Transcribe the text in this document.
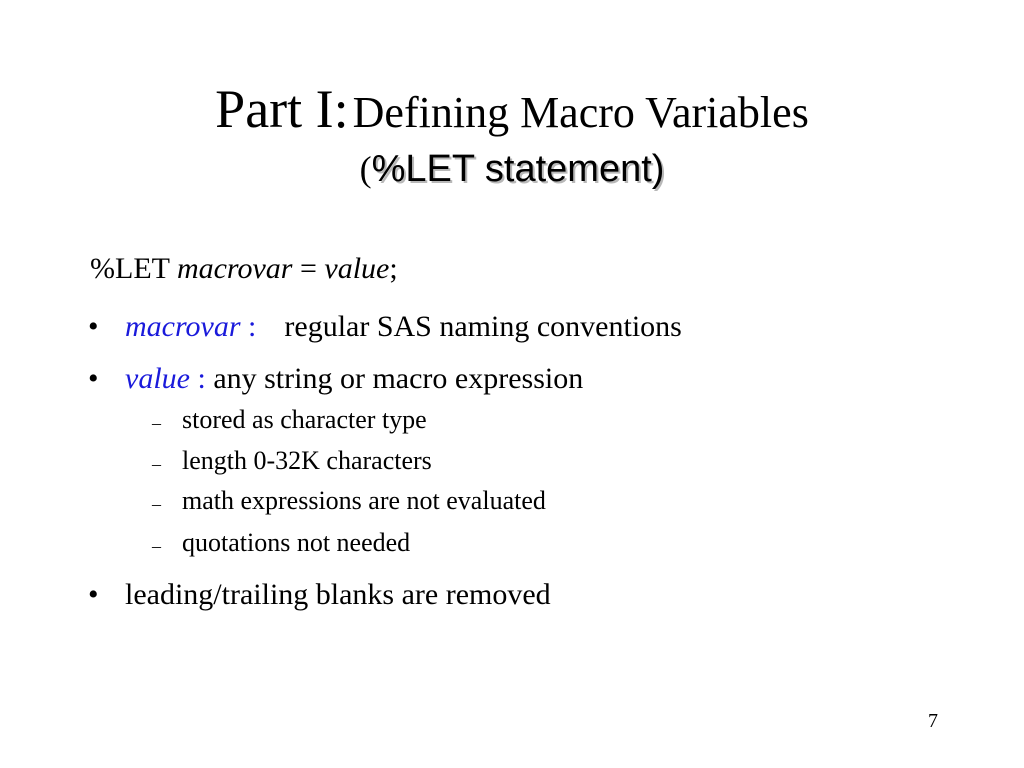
Part I: Defining Macro Variables
(%LET statement)
%LET macrovar = value;
• macrovar : regular SAS naming conventions
• value : any string or macro expression
– stored as character type
– length 0-32K characters
– math expressions are not evaluated
– quotations not needed
• leading/trailing blanks are removed
7
